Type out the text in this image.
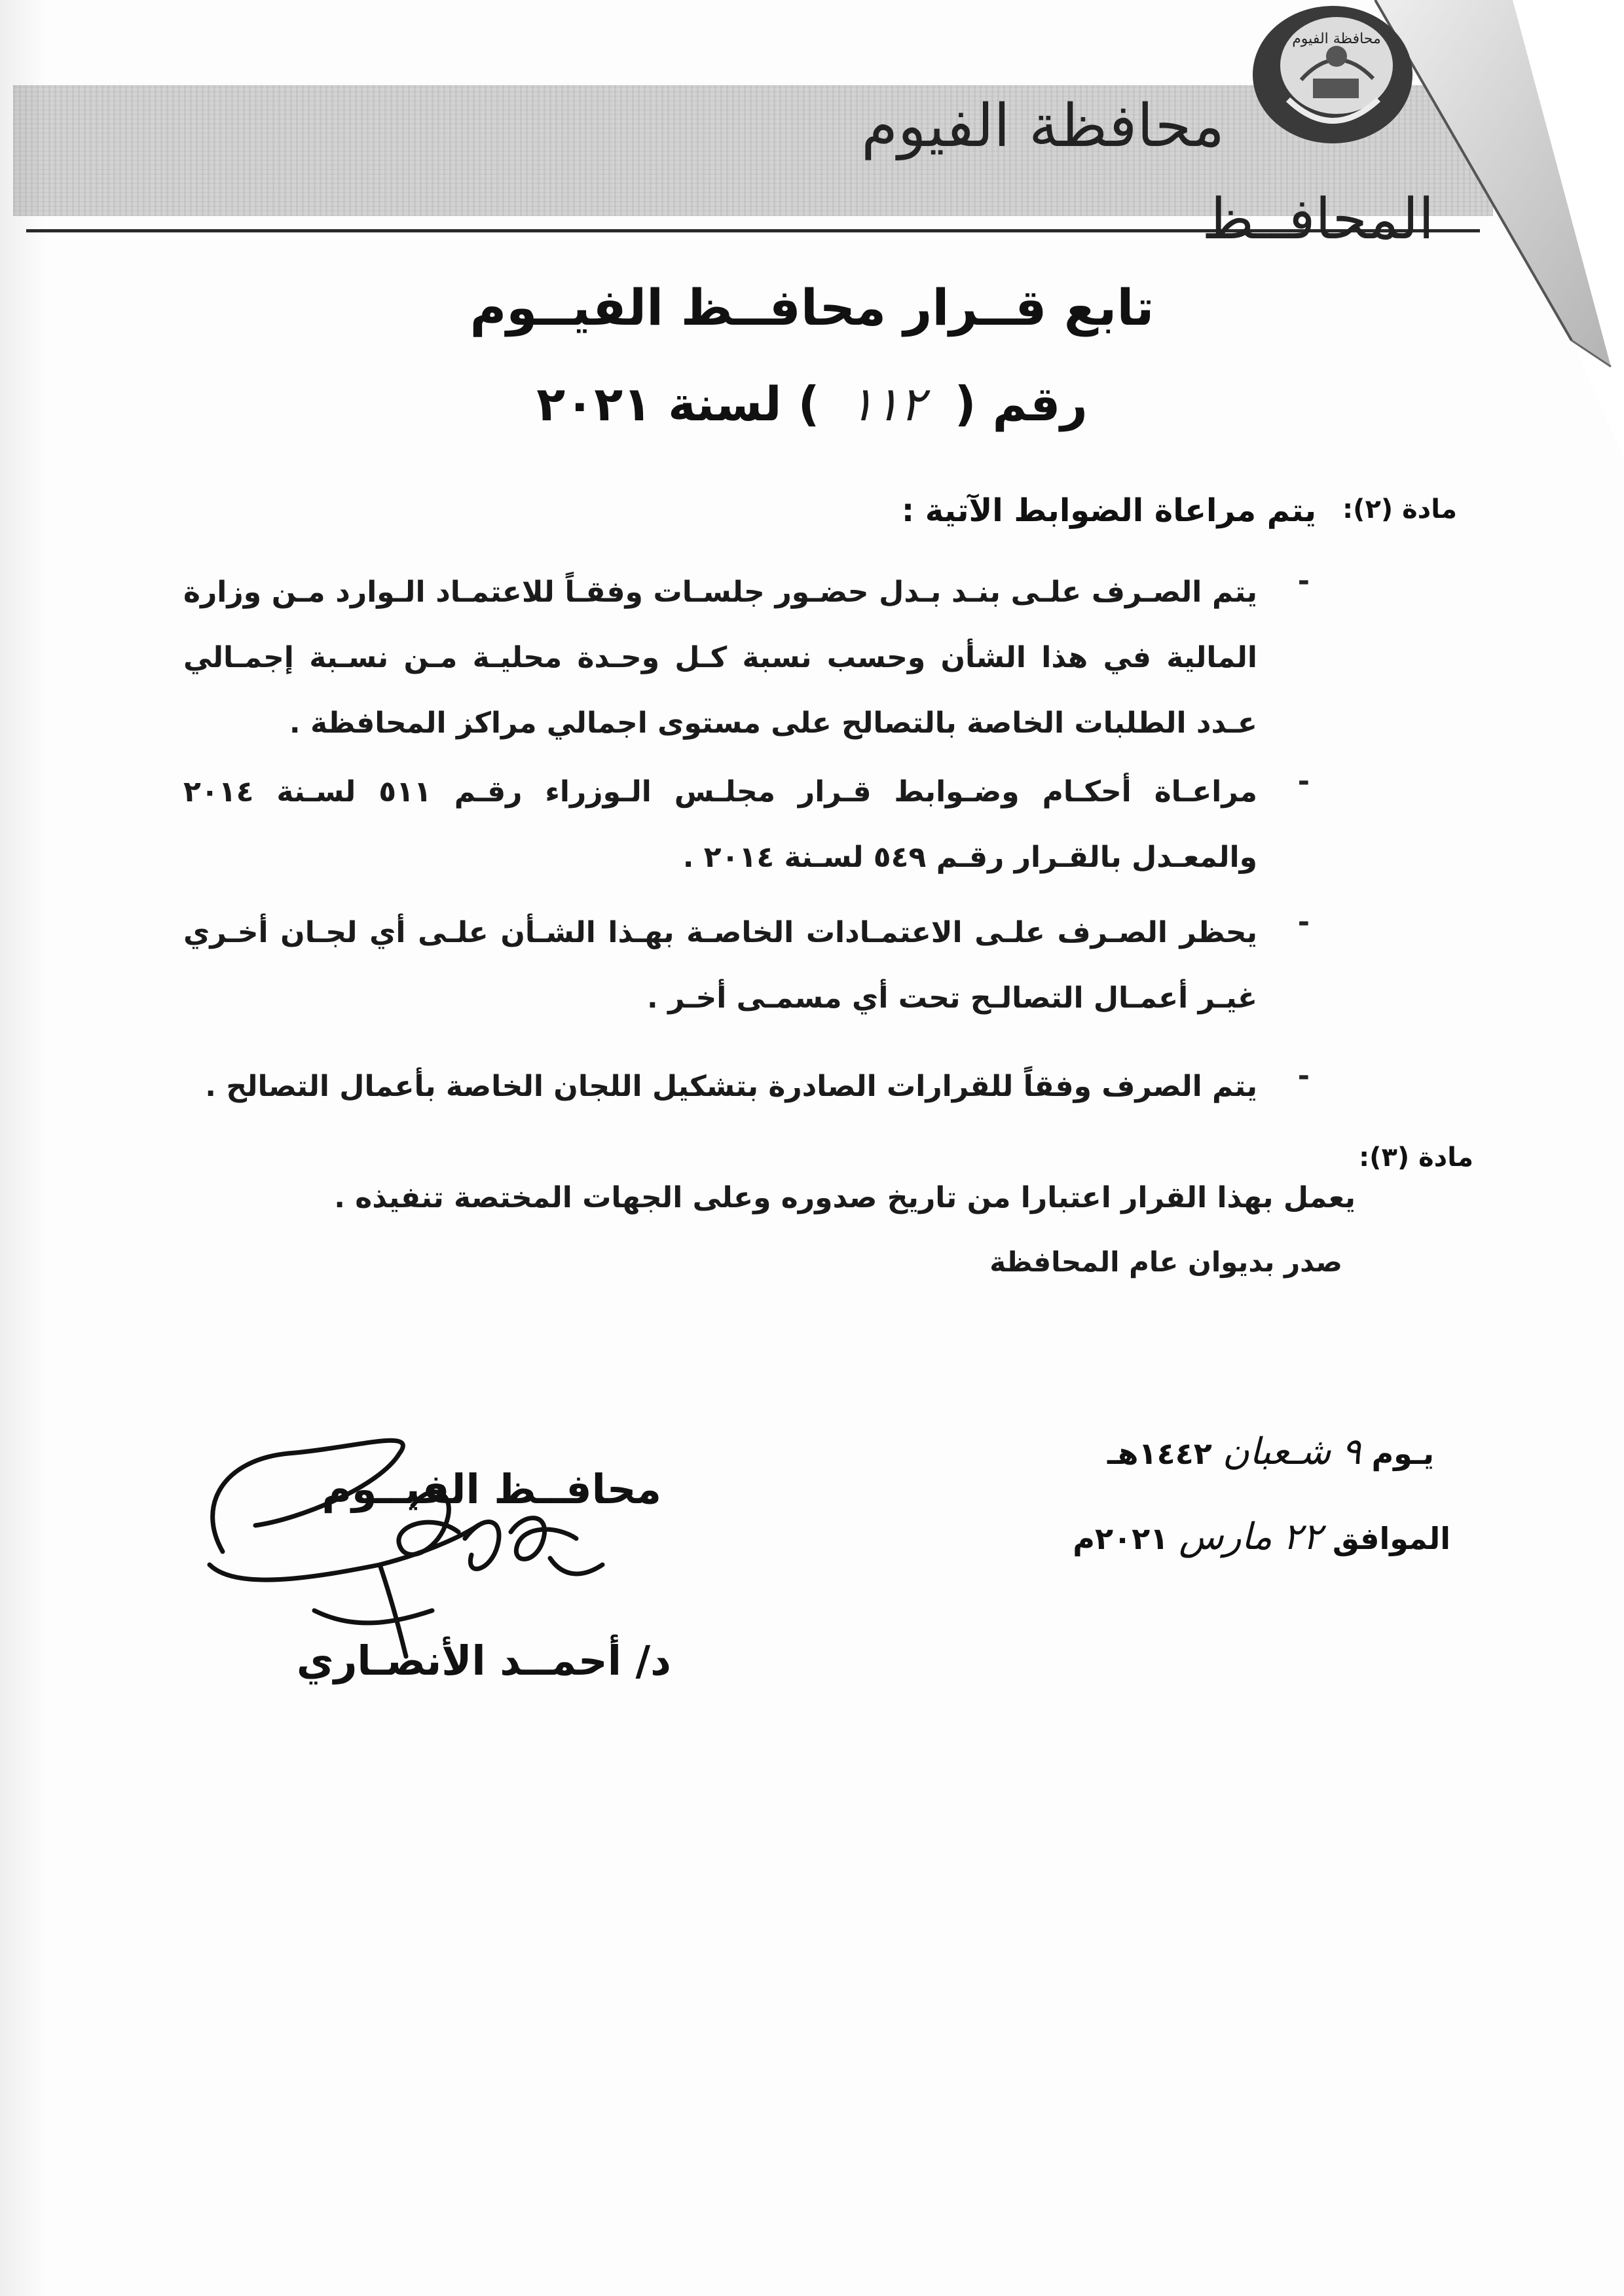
محافظة الفيوم
محافظة الفيوم
المحافــظ
تابع قــرار محافــظ الفيــوم
رقم ( ١١٢ ) لسنة ٢٠٢١
مادة (٢):
يتم مراعاة الضوابط الآتية :
-
يتم الصـرف علـى بنـد بـدل حضـور جلسـات وفقـاً للاعتمـاد الـوارد مـن وزارة المالية في هذا الشأن وحسب نسبة كـل وحـدة محليـة مـن نسـبة إجمـالي عـدد الطلبات الخاصة بالتصالح على مستوى اجمالي مراكز المحافظة .
-
مراعـاة أحكـام وضـوابط قـرار مجلـس الـوزراء رقـم ٥١١ لسـنة ٢٠١٤ والمعـدل بالقـرار رقـم ٥٤٩ لسـنة ٢٠١٤ .
-
يحظر الصـرف علـى الاعتمـادات الخاصـة بهـذا الشـأن علـى أي لجـان أخـري غيـر أعمـال التصالـح تحت أي مسمـى أخـر .
-
يتم الصرف وفقاً للقرارات الصادرة بتشكيل اللجان الخاصة بأعمال التصالح .
مادة (٣):
يعمل بهذا القرار اعتبارا من تاريخ صدوره وعلى الجهات المختصة تنفيذه .
صدر بديوان عام المحافظة
يـوم ٩ شـعبان ١٤٤٢هـ
الموافق ٢٢ مارس ٢٠٢١م
محافــظ الفيــوم
د/ أحمــد الأنصـاري
